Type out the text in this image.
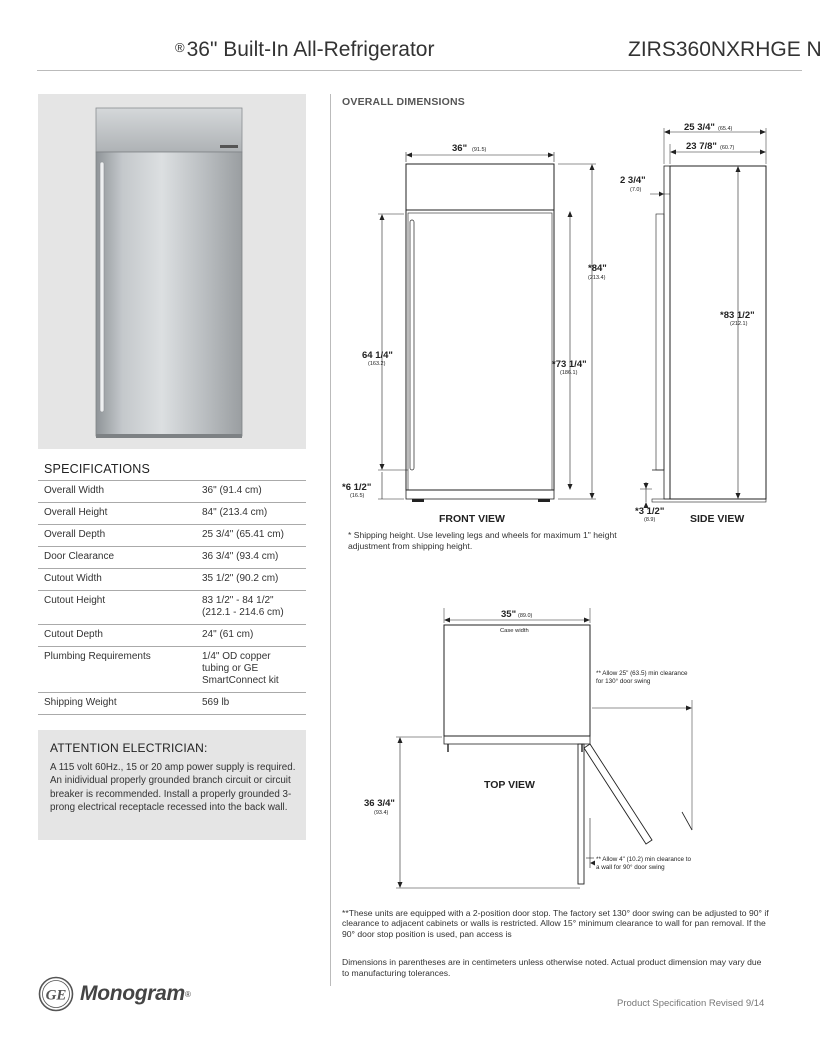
®36" Built-In All-Refrigerator	ZIRS360NXRHGE N
SPECIFICATIONS
Overall Width	36" (91.4 cm)
Overall Height	84" (213.4 cm)
Overall Depth	25 3/4" (65.41 cm)
Door Clearance	36 3/4" (93.4 cm)
Cutout Width	35 1/2" (90.2 cm)
Cutout Height	83 1/2" - 84 1/2"
(212.1 - 214.6 cm)
Cutout Depth	24" (61 cm)
Plumbing Requirements	1/4" OD copper
tubing or GE
SmartConnect kit
Shipping Weight	569 lb
ATTENTION ELECTRICIAN:
A 115 volt 60Hz., 15 or 20 amp power supply is required. An inidividual properly grounded branch circuit or circuit breaker is recommended. Install a properly grounded 3-prong electrical receptacle recessed into the back wall.
OVERALL DIMENSIONS
36" (91.5)
*84"
(213.4)
*73 1/4"
(186.1)
64 1/4"
(163.2)
*6 1/2"
(16.5)
FRONT VIEW
25 3/4" (65.4)
23 7/8" (60.7)
2 3/4"
(7.0)
*83 1/2"
(212.1)
*3 1/2"
(8.9)	SIDE VIEW
35" (89.0)
Case width
** Allow 25" (63.5) min clearance for 130° door swing
TOP VIEW
36 3/4"
(93.4)
** Allow 4" (10.2) min clearance to a wall for 90° door swing
* Shipping height. Use leveling legs and wheels for maximum 1" height adjustment from shipping height.
**These units are equipped with a 2-position door stop. The factory set 130° door swing can be adjusted to 90° if clearance to adjacent cabinets or walls is restricted. Allow 15° minimum clearance to wall for pan removal. If the 90° door stop position is used, pan access is
Dimensions in parentheses are in centimeters unless otherwise noted. Actual product dimension may vary due to manufacturing tolerances.
GE Monogram ®
Product Specification Revised 9/14
